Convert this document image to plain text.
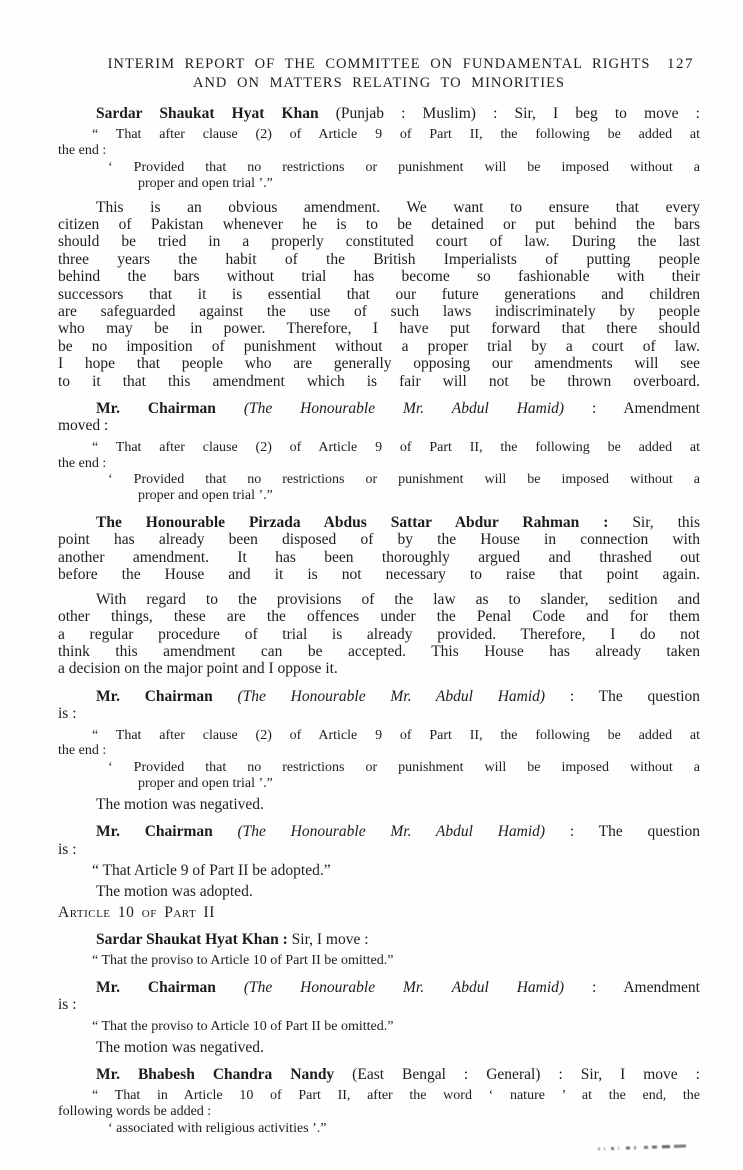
INTERIM REPORT OF THE COMMITTEE ON FUNDAMENTAL RIGHTS
AND ON MATTERS RELATING TO MINORITIES
127
Sardar Shaukat Hyat Khan (Punjab : Muslim) : Sir, I beg to move :
“ That after clause (2) of Article 9 of Part II, the following be added at
the end :
‘ Provided that no restrictions or punishment will be imposed without a
proper and open trial ’.”
This is an obvious amendment. We want to ensure that every
citizen of Pakistan whenever he is to be detained or put behind the bars
should be tried in a properly constituted court of law. During the last
three years the habit of the British Imperialists of putting people
behind the bars without trial has become so fashionable with their
successors that it is essential that our future generations and children
are safeguarded against the use of such laws indiscriminately by people
who may be in power. Therefore, I have put forward that there should
be no imposition of punishment without a proper trial by a court of law.
I hope that people who are generally opposing our amendments will see
to it that this amendment which is fair will not be thrown overboard.
Mr. Chairman (The Honourable Mr. Abdul Hamid) : Amendment
moved :
“ That after clause (2) of Article 9 of Part II, the following be added at
the end :
‘ Provided that no restrictions or punishment will be imposed without a
proper and open trial ’.”
The Honourable Pirzada Abdus Sattar Abdur Rahman : Sir, this
point has already been disposed of by the House in connection with
another amendment. It has been thoroughly argued and thrashed out
before the House and it is not necessary to raise that point again.
With regard to the provisions of the law as to slander, sedition and
other things, these are the offences under the Penal Code and for them
a regular procedure of trial is already provided. Therefore, I do not
think this amendment can be accepted. This House has already taken
a decision on the major point and I oppose it.
Mr. Chairman (The Honourable Mr. Abdul Hamid) : The question
is :
“ That after clause (2) of Article 9 of Part II, the following be added at
the end :
‘ Provided that no restrictions or punishment will be imposed without a
proper and open trial ’.”
The motion was negatived.
Mr. Chairman (The Honourable Mr. Abdul Hamid) : The question
is :
“ That Article 9 of Part II be adopted.”
The motion was adopted.
Article 10 of Part II
Sardar Shaukat Hyat Khan : Sir, I move :
“ That the proviso to Article 10 of Part II be omitted.”
Mr. Chairman (The Honourable Mr. Abdul Hamid) : Amendment
is :
“ That the proviso to Article 10 of Part II be omitted.”
The motion was negatived.
Mr. Bhabesh Chandra Nandy (East Bengal : General) : Sir, I move :
“ That in Article 10 of Part II, after the word ‘ nature ’ at the end, the
following words be added :
‘ associated with religious activities ’.”
